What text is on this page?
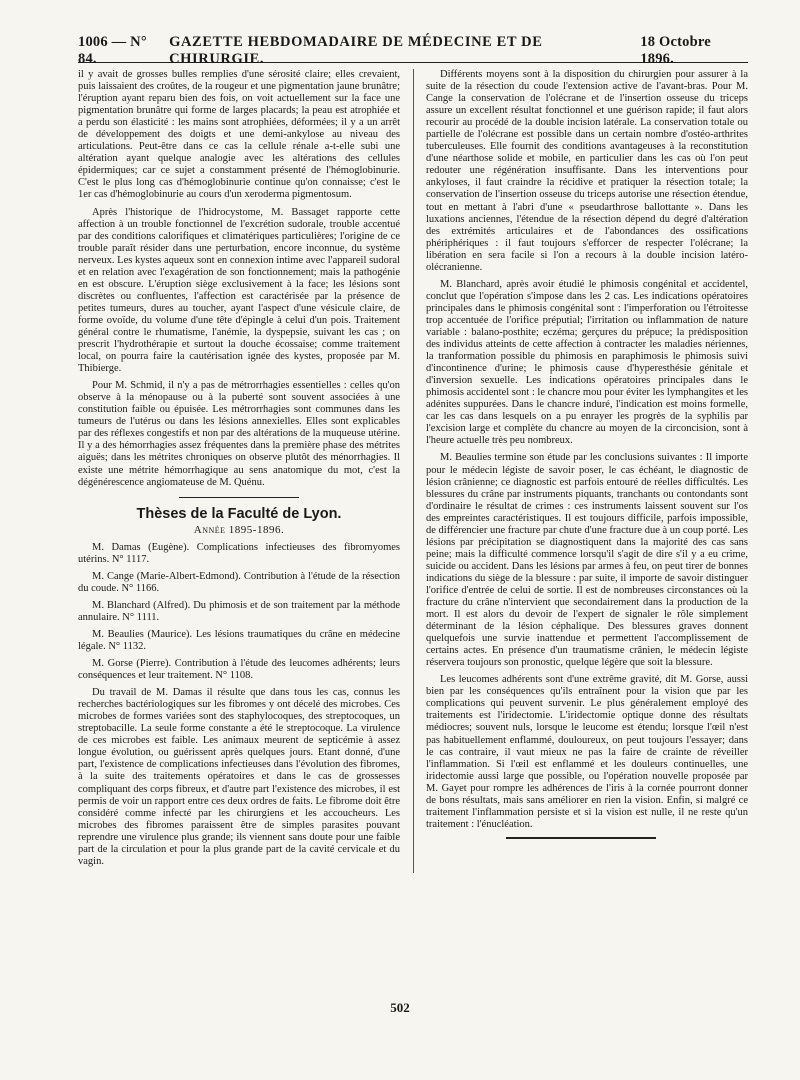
1006 — N° 84.
GAZETTE HEBDOMADAIRE DE MÉDECINE ET DE CHIRURGIE.
18 Octobre 1896.

il y avait de grosses bulles remplies d'une sérosité claire; elles crevaient, puis laissaient des croûtes, de la rougeur et une pigmentation jaune brunâtre; l'éruption ayant reparu bien des fois, on voit actuellement sur la face une pigmentation brunâtre qui forme de larges placards; la peau est atrophiée et a perdu son élasticité : les mains sont atrophiées, déformées; il y a un arrêt de développement des doigts et une demi-ankylose au niveau des articulations. Peut-être dans ce cas la cellule rénale a-t-elle subi une altération ayant quelque analogie avec les altérations des cellules épidermiques; car ce sujet a constamment présenté de l'hémoglobinurie. C'est le plus long cas d'hémoglobinurie continue qu'on connaisse; c'est le 1er cas d'hémoglobinurie au cours d'un xeroderma pigmentosum.

Après l'historique de l'hidrocystome, M. Bassaget rapporte cette affection à un trouble fonctionnel de l'excrétion sudorale, trouble accentué par des conditions calorifiques et climatériques particulières; l'origine de ce trouble paraît résider dans une perturbation, encore inconnue, du système nerveux. Les kystes aqueux sont en connexion intime avec l'appareil sudoral et en relation avec l'exagération de son fonctionnement; mais la pathogénie en est obscure. L'éruption siège exclusivement à la face; les lésions sont discrètes ou confluentes, l'affection est caractérisée par la présence de petites tumeurs, dures au toucher, ayant l'aspect d'une vésicule claire, de forme ovoïde, du volume d'une tête d'épingle à celui d'un pois. Traitement général contre le rhumatisme, l'anémie, la dyspepsie, suivant les cas ; on prescrit l'hydrothérapie et surtout la douche écossaise; comme traitement local, on pourra faire la cautérisation ignée des kystes, proposée par M. Thibierge.

Pour M. Schmid, il n'y a pas de métrorrhagies essentielles : celles qu'on observe à la ménopause ou à la puberté sont souvent associées à une constitution faible ou épuisée. Les métrorrhagies sont communes dans les tumeurs de l'utérus ou dans les lésions annexielles. Elles sont explicables par des réflexes congestifs et non par des altérations de la muqueuse utérine. Il y a des hémorrhagies assez fréquentes dans la première phase des métrites aiguës; dans les métrites chroniques on observe plutôt des ménorrhagies. Il existe une métrite hémorrhagique au sens anatomique du mot, c'est la dégénérescence angiomateuse de M. Quénu.

Thèses de la Faculté de Lyon.
Année 1895-1896.

M. Damas (Eugène). Complications infectieuses des fibromyomes utérins. N° 1117.

M. Cange (Marie-Albert-Edmond). Contribution à l'étude de la résection du coude. N° 1166.

M. Blanchard (Alfred). Du phimosis et de son traitement par la méthode annulaire. N° 1111.

M. Beaulies (Maurice). Les lésions traumatiques du crâne en médecine légale. N° 1132.

M. Gorse (Pierre). Contribution à l'étude des leucomes adhérents; leurs conséquences et leur traitement. N° 1108.

Du travail de M. Damas il résulte que dans tous les cas, connus les recherches bactériologiques sur les fibromes y ont décelé des microbes. Ces microbes de formes variées sont des staphylocoques, des streptocoques, un streptobacille. La seule forme constante a été le streptocoque. La virulence de ces microbes est faible. Les animaux meurent de septicémie à assez longue évolution, ou guérissent après quelques jours. Etant donné, d'une part, l'existence de complications infectieuses dans l'évolution des fibromes, à la suite des traitements opératoires et dans le cas de grossesses compliquant des corps fibreux, et d'autre part l'existence des microbes, il est permis de voir un rapport entre ces deux ordres de faits. Le fibrome doit être considéré comme infecté par les chirurgiens et les accoucheurs. Les microbes des fibromes paraissent être de simples parasites pouvant reprendre une virulence plus grande; ils viennent sans doute pour une faible part de la circulation et pour la plus grande part de la cavité cervicale et du vagin.

Différents moyens sont à la disposition du chirurgien pour assurer à la suite de la résection du coude l'extension active de l'avant-bras. Pour M. Cange la conservation de l'olécrane et de l'insertion osseuse du triceps assure un excellent résultat fonctionnel et une guérison rapide; il faut alors recourir au procédé de la double incision latérale. La conservation totale ou partielle de l'olécrane est possible dans un certain nombre d'ostéo-arthrites tuberculeuses. Elle fournit des conditions avantageuses à la reconstitution d'une néarthose solide et mobile, en particulier dans les cas où l'on peut redouter une régénération insuffisante. Dans les interventions pour ankyloses, il faut craindre la récidive et pratiquer la résection totale; la conservation de l'insertion osseuse du triceps autorise une résection étendue, tout en mettant à l'abri d'une « pseudarthrose ballottante ». Dans les luxations anciennes, l'étendue de la résection dépend du degré d'altération des extrémités articulaires et de l'abondances des ossifications phériphériques : il faut toujours s'efforcer de respecter l'olécrane; la libération en sera facile si l'on a recours à la double incision latéro-olécranienne.

M. Blanchard, après avoir étudié le phimosis congénital et accidentel, conclut que l'opération s'impose dans les 2 cas. Les indications opératoires principales dans le phimosis congénital sont : l'imperforation ou l'étroitesse trop accentuée de l'orifice préputial; l'irritation ou inflammation de nature variable : balano-posthite; eczéma; gerçures du prépuce; la prédisposition des individus atteints de cette affection à contracter les maladies nériennes, la tranformation possible du phimosis en paraphimosis le phimosis suivi d'incontinence d'urine; le phimosis cause d'hyperesthésie génitale et d'inversion sexuelle. Les indications opératoires principales dans le phimosis accidentel sont : le chancre mou pour éviter les lymphangites et les adénites suppurées. Dans le chancre induré, l'indication est moins formelle, car les cas dans lesquels on a pu enrayer les progrès de la syphilis par l'excision large et complète du chancre au moyen de la circoncision, sont à l'heure actuelle très peu nombreux.

M. Beaulies termine son étude par les conclusions suivantes : Il importe pour le médecin légiste de savoir poser, le cas échéant, le diagnostic de lésion crânienne; ce diagnostic est parfois entouré de réelles difficultés. Les blessures du crâne par instruments piquants, tranchants ou contondants sont d'ordinaire le résultat de crimes : ces instruments laissent souvent sur l'os des empreintes caractéristiques. Il est toujours difficile, parfois impossible, de différencier une fracture par chute d'une fracture due à un coup porté. Les lésions par précipitation se diagnostiquent dans la majorité des cas sans peine; mais la difficulté commence lorsqu'il s'agit de dire s'il y a eu crime, suicide ou accident. Dans les lésions par armes à feu, on peut tirer de bonnes indications du siège de la blessure : par suite, il importe de savoir distinguer l'orifice d'entrée de celui de sortie. Il est de nombreuses circonstances où la fracture du crâne n'intervient que secondairement dans la production de la mort. Il est alors du devoir de l'expert de signaler le rôle simplement déterminant de la lésion céphalique. Des blessures graves donnent quelquefois une survie inattendue et permettent l'accomplissement de certains actes. En présence d'un traumatisme crânien, le médecin légiste réservera toujours son pronostic, quelque légère que soit la blessure.

Les leucomes adhérents sont d'une extrême gravité, dit M. Gorse, aussi bien par les conséquences qu'ils entraînent pour la vision que par les complications qui peuvent survenir. Le plus généralement employé des traitements est l'iridectomie. L'iridectomie optique donne des résultats médiocres; souvent nuls, lorsque le leucome est étendu; lorsque l'œil n'est pas habituellement enflammé, douloureux, on peut toujours l'essayer; dans le cas contraire, il vaut mieux ne pas la faire de crainte de réveiller l'inflammation. Si l'œil est enflammé et les douleurs continuelles, une iridectomie aussi large que possible, ou l'opération nouvelle proposée par M. Gayet pour rompre les adhérences de l'iris à la cornée pourront donner de bons résultats, mais sans améliorer en rien la vision. Enfin, si malgré ce traitement l'inflammation persiste et si la vision est nulle, il ne reste qu'un traitement : l'énucléation.

502
